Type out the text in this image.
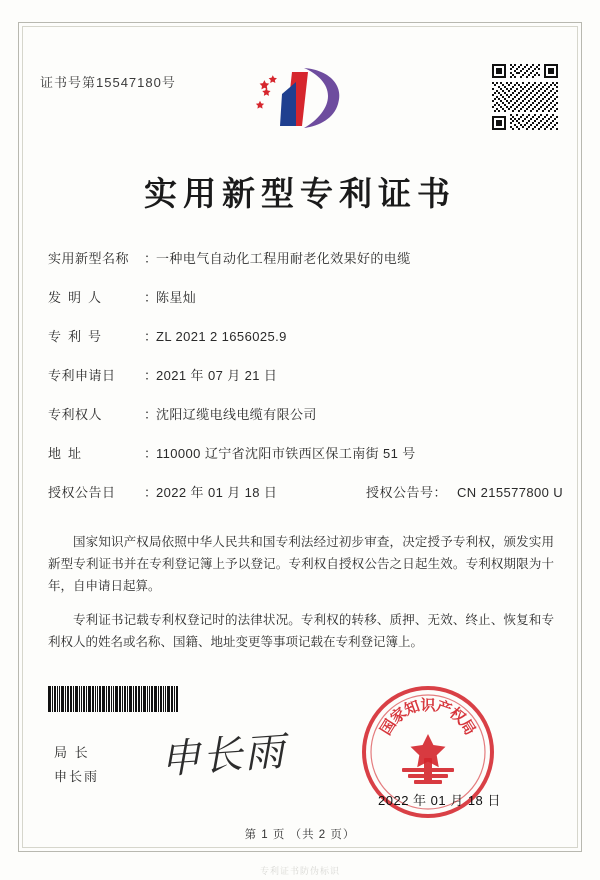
证书号第15547180号
实用新型专利证书
实用新型名称	：
一种电气自动化工程用耐老化效果好的电缆
发明人	：
陈星灿
专利号	：
ZL 2021 2 1656025.9
专利申请日	：
2021 年 07 月 21 日
专利权人	：
沈阳辽缆电线电缆有限公司
地址	：
110000 辽宁省沈阳市铁西区保工南街 51 号
授权公告日	：
2022 年 01 月 18 日	授权公告号： CN 215577800 U

国家知识产权局依照中华人民共和国专利法经过初步审查，决定授予专利权，颁发实用新型专利证书并在专利登记簿上予以登记。专利权自授权公告之日起生效。专利权期限为十年，自申请日起算。

专利证书记载专利权登记时的法律状况。专利权的转移、质押、无效、终止、恢复和专利权人的姓名或名称、国籍、地址变更等事项记载在专利登记簿上。

局 长
申长雨 申长雨
国
家
知
识
产
权
局
2022 年 01 月 18 日
第 1 页 （共 2 页）
专利证书防伪标识
